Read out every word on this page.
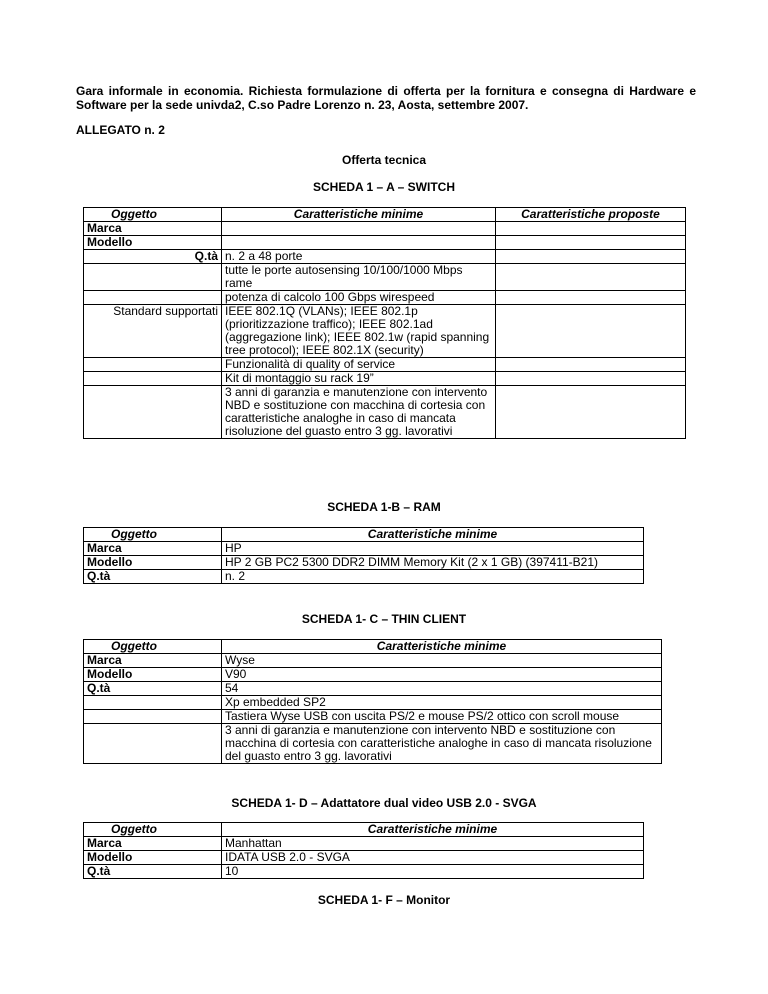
Gara informale in economia. Richiesta formulazione di offerta per la fornitura e consegna di Hardware e Software per la sede univda2, C.so Padre Lorenzo n. 23, Aosta, settembre 2007.
ALLEGATO n. 2
Offerta tecnica
SCHEDA 1 – A – SWITCH
Oggetto	Caratteristiche minime	Caratteristiche proposte
Marca		
Modello		
Q.tà	n. 2 a 48 porte	
	tutte le porte autosensing 10/100/1000 Mbps rame	
	potenza di calcolo 100 Gbps wirespeed	
Standard supportati	IEEE 802.1Q (VLANs); IEEE 802.1p (prioritizzazione traffico); IEEE 802.1ad (aggregazione link); IEEE 802.1w (rapid spanning tree protocol); IEEE 802.1X (security)	
	Funzionalità di quality of service	
	Kit di montaggio su rack 19”	
	3 anni di garanzia e manutenzione con intervento NBD e sostituzione con macchina di cortesia con caratteristiche analoghe in caso di mancata risoluzione del guasto entro 3 gg. lavorativi	
SCHEDA 1-B – RAM
Oggetto	Caratteristiche minime
Marca	HP
Modello	HP 2 GB PC2 5300 DDR2 DIMM Memory Kit (2 x 1 GB) (397411-B21)
Q.tà	n. 2
SCHEDA 1- C – THIN CLIENT
Oggetto	Caratteristiche minime
Marca	Wyse
Modello	V90
Q.tà	54
	Xp embedded SP2
	Tastiera Wyse USB con uscita PS/2 e mouse PS/2 ottico con scroll mouse
	3 anni di garanzia e manutenzione con intervento NBD e sostituzione con macchina di cortesia con caratteristiche analoghe in caso di mancata risoluzione del guasto entro 3 gg. lavorativi
SCHEDA 1- D – Adattatore dual video USB 2.0 - SVGA
Oggetto	Caratteristiche minime
Marca	Manhattan
Modello	IDATA USB 2.0 - SVGA
Q.tà	10
SCHEDA 1- F – Monitor
